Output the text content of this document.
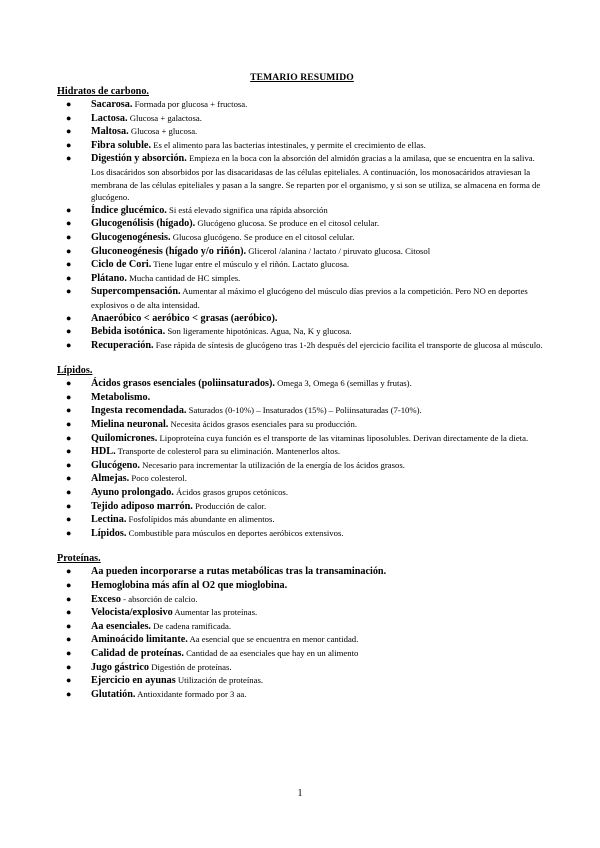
TEMARIO RESUMIDO
Hidratos de carbono.
● Sacarosa. Formada por glucosa + fructosa.
● Lactosa. Glucosa + galactosa.
● Maltosa. Glucosa + glucosa.
● Fibra soluble. Es el alimento para las bacterias intestinales, y permite el crecimiento de ellas.
● Digestión y absorción. Empieza en la boca con la absorción del almidón gracias a la amilasa, que se encuentra en la saliva. Los disacáridos son absorbidos por las disacaridasas de las células epiteliales. A continuación, los monosacáridos atraviesan la membrana de las células epiteliales y pasan a la sangre. Se reparten por el organismo, y si son se utiliza, se almacena en forma de glucógeno.
● Índice glucémico. Si está elevado significa una rápida absorción
● Glucogenólisis (hígado). Glucógeno glucosa. Se produce en el citosol celular.
● Glucogenogénesis. Glucosa glucógeno. Se produce en el citosol celular.
● Gluconeogénesis (hígado y/o riñón). Glicerol /alanina / lactato / piruvato glucosa. Citosol
● Ciclo de Cori. Tiene lugar entre el músculo y el riñón. Lactato glucosa.
● Plátano. Mucha cantidad de HC simples.
● Supercompensación. Aumentar al máximo el glucógeno del músculo días previos a la competición. Pero NO en deportes explosivos o de alta intensidad.
● Anaeróbico < aeróbico < grasas (aeróbico).
● Bebida isotónica. Son ligeramente hipotónicas. Agua, Na, K y glucosa.
● Recuperación. Fase rápida de síntesis de glucógeno tras 1-2h después del ejercicio facilita el transporte de glucosa al músculo.
Lípidos.
● Ácidos grasos esenciales (poliinsaturados). Omega 3, Omega 6 (semillas y frutas).
● Metabolismo.
● Ingesta recomendada. Saturados (0-10%) – Insaturados (15%) – Poliinsaturadas (7-10%).
● Mielina neuronal. Necesita ácidos grasos esenciales para su producción.
● Quilomicrones. Lipoproteína cuya función es el transporte de las vitaminas liposolubles. Derivan directamente de la dieta.
● HDL. Transporte de colesterol para su eliminación. Mantenerlos altos.
● Glucógeno. Necesario para incrementar la utilización de la energía de los ácidos grasos.
● Almejas. Poco colesterol.
● Ayuno prolongado. Ácidos grasos grupos cetónicos.
● Tejido adiposo marrón. Producción de calor.
● Lectina. Fosfolípidos más abundante en alimentos.
● Lípidos. Combustible para músculos en deportes aeróbicos extensivos.
Proteínas.
● Aa pueden incorporarse a rutas metabólicas tras la transaminación.
● Hemoglobina más afín al O2 que mioglobina.
● Exceso - absorción de calcio.
● Velocista/explosivo Aumentar las proteínas.
● Aa esenciales. De cadena ramificada.
● Aminoácido limitante. Aa esencial que se encuentra en menor cantidad.
● Calidad de proteínas. Cantidad de aa esenciales que hay en un alimento
● Jugo gástrico Digestión de proteínas.
● Ejercicio en ayunas Utilización de proteínas.
● Glutatión. Antioxidante formado por 3 aa.
1
